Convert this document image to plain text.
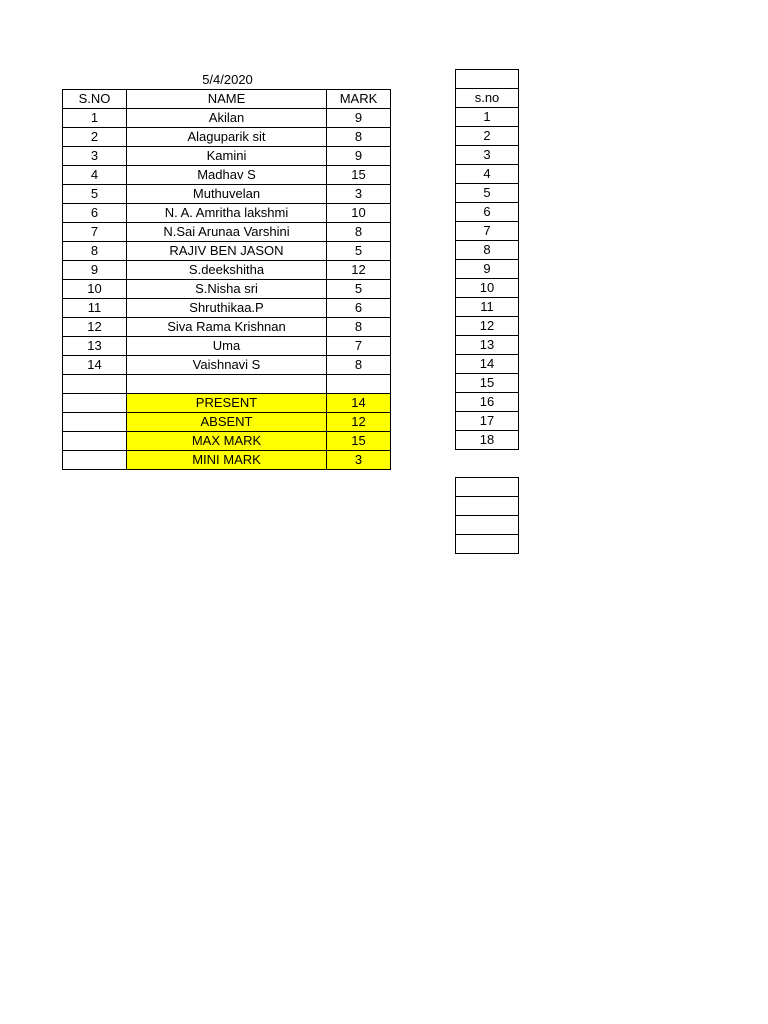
5/4/2020
S.NO	NAME	MARK
1	Akilan	9
2	Alaguparik sit	8
3	Kamini	9
4	Madhav S	15
5	Muthuvelan	3
6	N. A. Amritha lakshmi	10
7	N.Sai Arunaa Varshini	8
8	RAJIV BEN JASON	5
9	S.deekshitha	12
10	S.Nisha sri	5
11	Shruthikaa.P	6
12	Siva Rama Krishnan	8
13	Uma	7
14	Vaishnavi S	8

	PRESENT	14
	ABSENT	12
	MAX MARK	15
	MINI MARK	3

s.no
1
2
3
4
5
6
7
8
9
10
11
12
13
14
15
16
17
18
